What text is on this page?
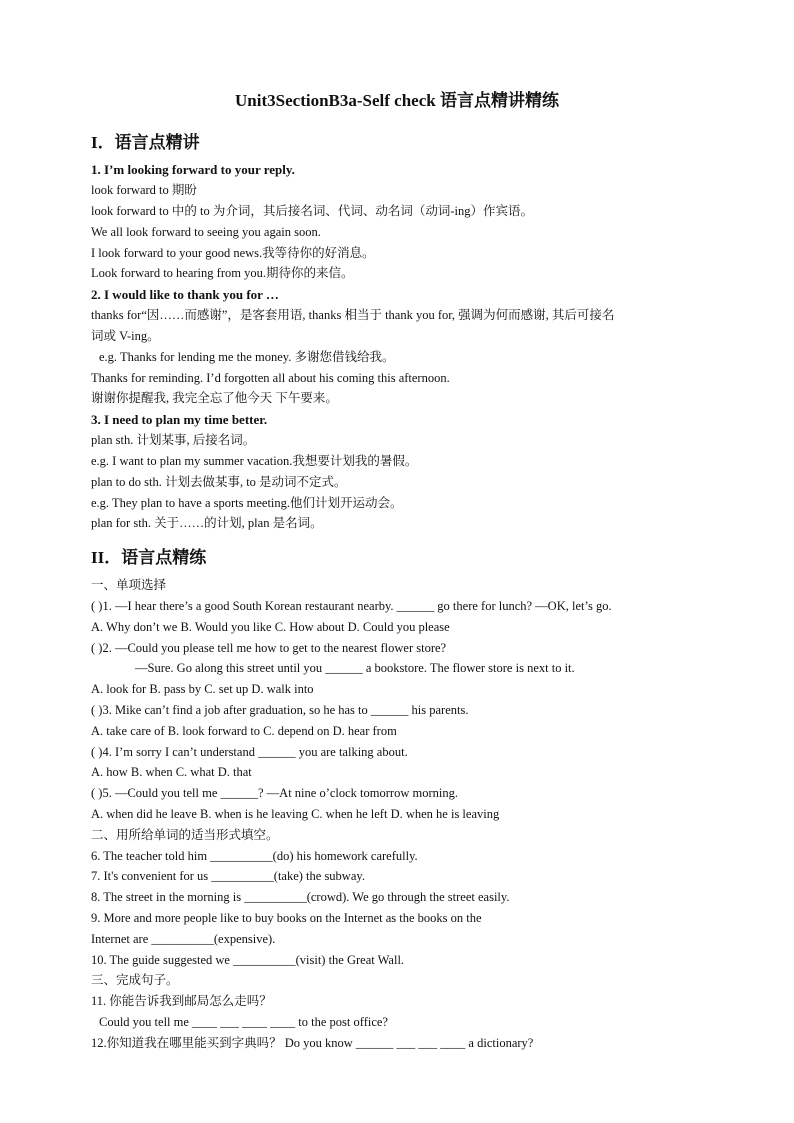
Unit3SectionB3a-Self check 语言点精讲精练
I．语言点精讲
1. I’m looking forward to your reply.
look forward to 期盼
look forward to 中的 to 为介词，其后接名词、代词、动名词（动词-ing）作宾语。
We all look forward to seeing you again soon.
I look forward to your good news.我等待你的好消息。
Look forward to hearing from you.期待你的来信。
2. I would like to thank you for …
thanks for“因……而感谢”，是客套用语, thanks 相当于 thank you for, 强调为何而感谢, 其后可接名
词或 V-ing。
e.g. Thanks for lending me the money. 多谢您借钱给我。
Thanks for reminding. I’d forgotten all about his coming this afternoon.
谢谢你提醒我, 我完全忘了他今天 下午要来。
3. I need to plan my time better.
plan sth. 计划某事, 后接名词。
e.g. I want to plan my summer vacation.我想要计划我的暑假。
plan to do sth. 计划去做某事, to 是动词不定式。
e.g. They plan to have a sports meeting.他们计划开运动会。
plan for sth. 关于……的计划, plan 是名词。
II．语言点精练
一、单项选择
( )1. —I hear there’s a good South Korean restaurant nearby. ______ go there for lunch? —OK, let’s go.
A. Why don’t we B. Would you like C. How about D. Could you please
( )2. —Could you please tell me how to get to the nearest flower store?
—Sure. Go along this street until you ______ a bookstore. The flower store is next to it.
A. look for B. pass by C. set up D. walk into
( )3. Mike can’t find a job after graduation, so he has to ______ his parents.
A. take care of B. look forward to C. depend on D. hear from
( )4. I’m sorry I can’t understand ______ you are talking about.
A. how B. when C. what D. that
( )5. —Could you tell me ______? —At nine o’clock tomorrow morning.
A. when did he leave B. when is he leaving C. when he left D. when he is leaving
二、用所给单词的适当形式填空。
6. The teacher told him __________(do) his homework carefully.
7. It's convenient for us __________(take) the subway.
8. The street in the morning is __________(crowd). We go through the street easily.
9. More and more people like to buy books on the Internet as the books on the
Internet are __________(expensive).
10. The guide suggested we __________(visit) the Great Wall.
三、完成句子。
11. 你能告诉我到邮局怎么走吗？
Could you tell me ____ ___ ____ ____ to the post office?
12.你知道我在哪里能买到字典吗？ Do you know ______ ___ ___ ____ a dictionary?
